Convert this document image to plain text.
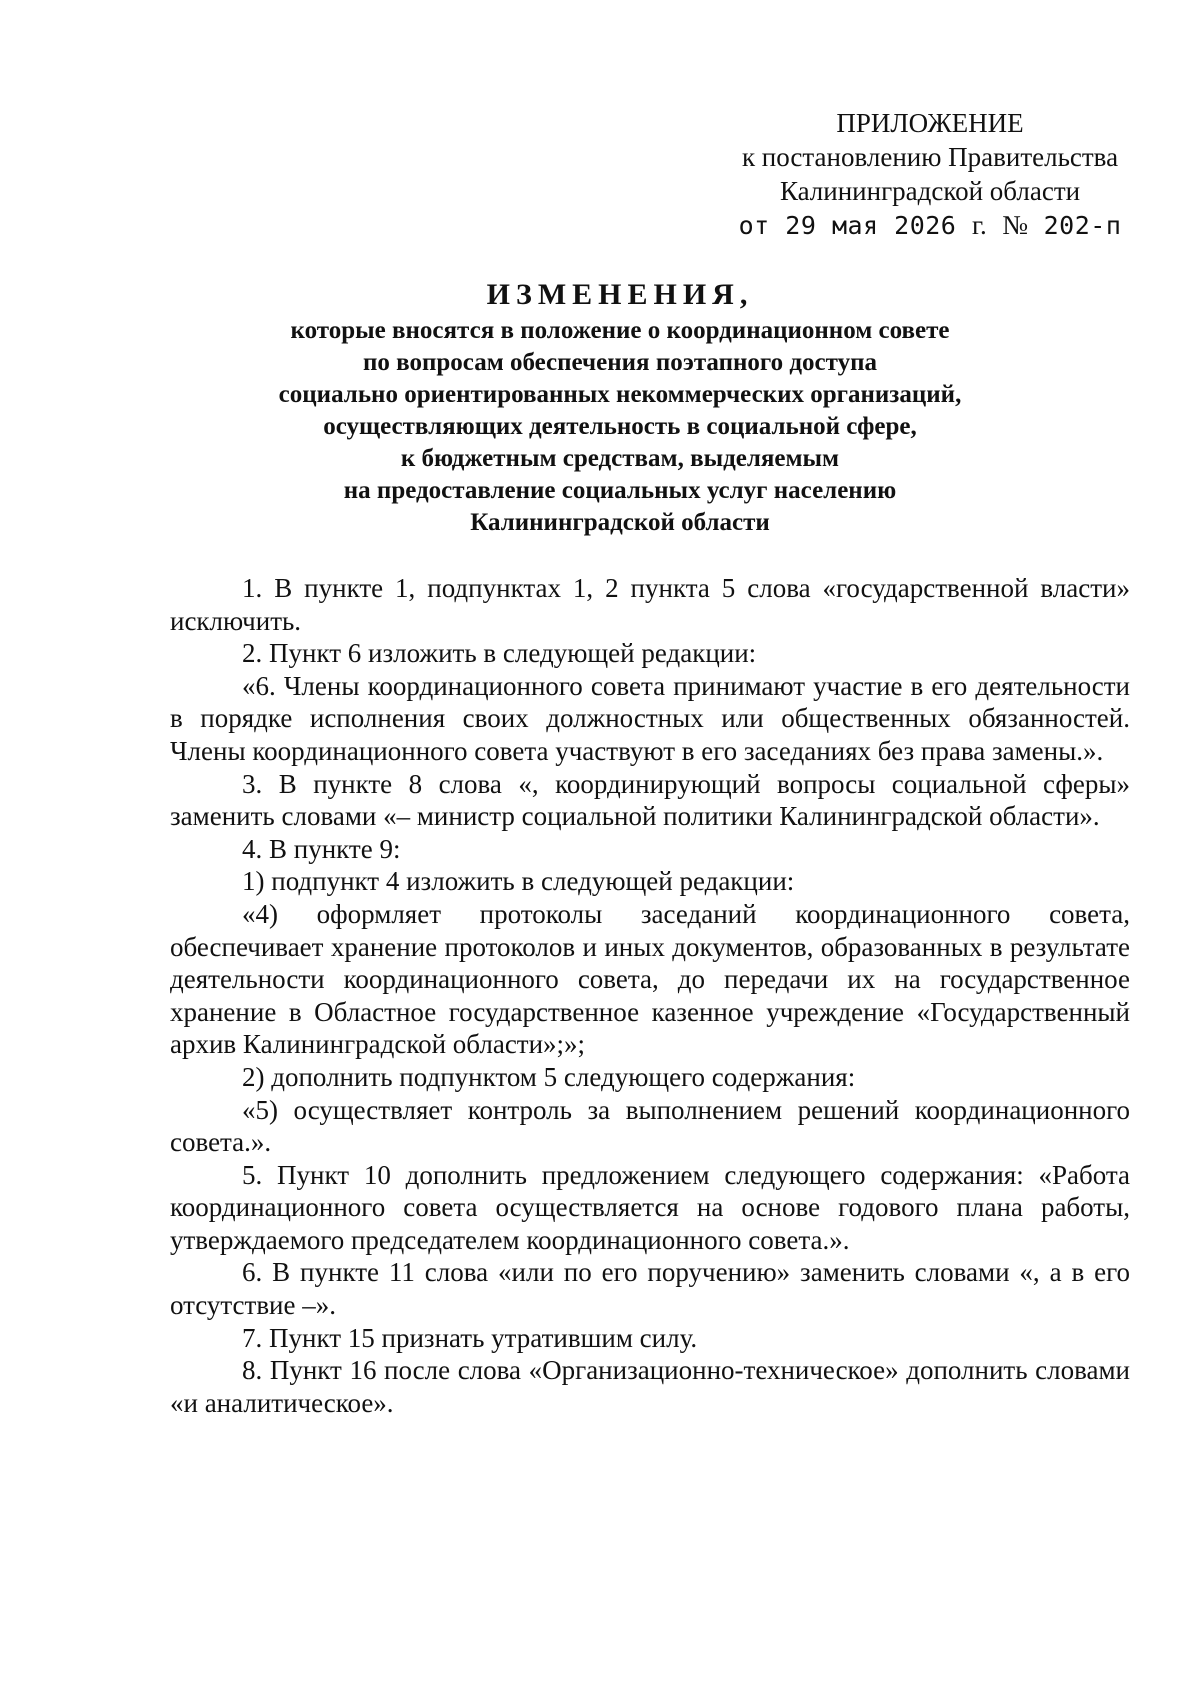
ПРИЛОЖЕНИЕ
к постановлению Правительства
Калининградской области
от 29 мая 2026 г. № 202-п
ИЗМЕНЕНИЯ,
которые вносятся в положение о координационном совете
по вопросам обеспечения поэтапного доступа
социально ориентированных некоммерческих организаций,
осуществляющих деятельность в социальной сфере,
к бюджетным средствам, выделяемым
на предоставление социальных услуг населению
Калининградской области

1. В пункте 1, подпунктах 1, 2 пункта 5 слова «государственной власти» исключить.

2. Пункт 6 изложить в следующей редакции:

«6. Члены координационного совета принимают участие в его деятельности в порядке исполнения своих должностных или общественных обязанностей. Члены координационного совета участвуют в его заседаниях без права замены.».

3. В пункте 8 слова «, координирующий вопросы социальной сферы» заменить словами «– министр социальной политики Калининградской области».

4. В пункте 9:

1) подпункт 4 изложить в следующей редакции:

«4) оформляет протоколы заседаний координационного совета, обеспечивает хранение протоколов и иных документов, образованных в результате деятельности координационного совета, до передачи их на государственное хранение в Областное государственное казенное учреждение «Государственный архив Калининградской области»;»;

2) дополнить подпунктом 5 следующего содержания:

«5) осуществляет контроль за выполнением решений координационного совета.».

5. Пункт 10 дополнить предложением следующего содержания: «Работа координационного совета осуществляется на основе годового плана работы, утверждаемого председателем координационного совета.».

6. В пункте 11 слова «или по его поручению» заменить словами «, а в его отсутствие –».

7. Пункт 15 признать утратившим силу.

8. Пункт 16 после слова «Организационно-техническое» дополнить словами «и аналитическое».
